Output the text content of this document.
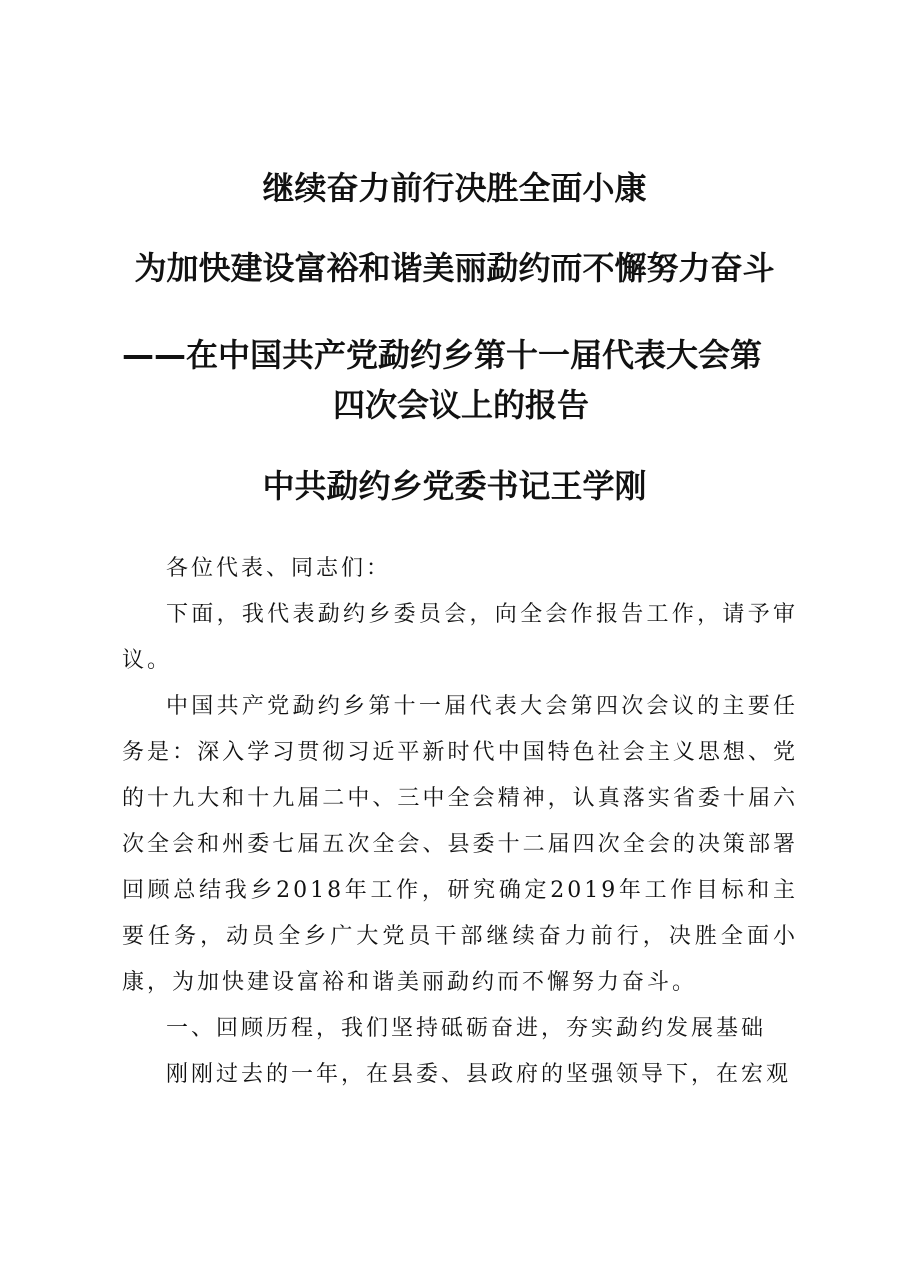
继续奋力前行决胜全面小康
为加快建设富裕和谐美丽勐约而不懈努力奋斗
——在中国共产党勐约乡第十一届代表大会第
四次会议上的报告
中共勐约乡党委书记王学刚

各位代表、同志们：

下面，我代表勐约乡委员会，向全会作报告工作，请予审议。

中国共产党勐约乡第十一届代表大会第四次会议的主要任务是：深入学习贯彻习近平新时代中国特色社会主义思想、党的十九大和十九届二中、三中全会精神，认真落实省委十届六次全会和州委七届五次全会、县委十二届四次全会的决策部署回顾总结我乡2018年工作，研究确定2019年工作目标和主要任务，动员全乡广大党员干部继续奋力前行，决胜全面小康，为加快建设富裕和谐美丽勐约而不懈努力奋斗。

一、回顾历程，我们坚持砥砺奋进，夯实勐约发展基础

刚刚过去的一年，在县委、县政府的坚强领导下，在宏观
